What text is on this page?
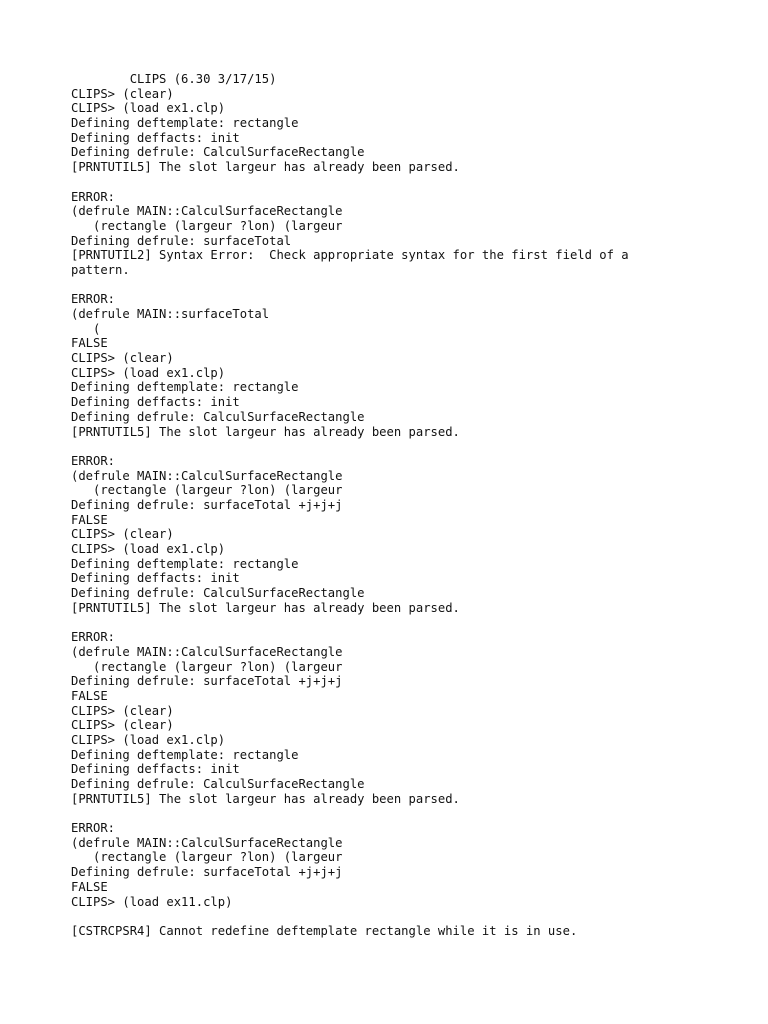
CLIPS (6.30 3/17/15)
CLIPS> (clear)
CLIPS> (load ex1.clp)
Defining deftemplate: rectangle
Defining deffacts: init
Defining defrule: CalculSurfaceRectangle
[PRNTUTIL5] The slot largeur has already been parsed.
ERROR:
(defrule MAIN::CalculSurfaceRectangle
(rectangle (largeur ?lon) (largeur
Defining defrule: surfaceTotal
[PRNTUTIL2] Syntax Error:  Check appropriate syntax for the first field of a
pattern.
ERROR:
(defrule MAIN::surfaceTotal
(
FALSE
CLIPS> (clear)
CLIPS> (load ex1.clp)
Defining deftemplate: rectangle
Defining deffacts: init
Defining defrule: CalculSurfaceRectangle
[PRNTUTIL5] The slot largeur has already been parsed.
ERROR:
(defrule MAIN::CalculSurfaceRectangle
(rectangle (largeur ?lon) (largeur
Defining defrule: surfaceTotal +j+j+j
FALSE
CLIPS> (clear)
CLIPS> (load ex1.clp)
Defining deftemplate: rectangle
Defining deffacts: init
Defining defrule: CalculSurfaceRectangle
[PRNTUTIL5] The slot largeur has already been parsed.
ERROR:
(defrule MAIN::CalculSurfaceRectangle
(rectangle (largeur ?lon) (largeur
Defining defrule: surfaceTotal +j+j+j
FALSE
CLIPS> (clear)
CLIPS> (clear)
CLIPS> (load ex1.clp)
Defining deftemplate: rectangle
Defining deffacts: init
Defining defrule: CalculSurfaceRectangle
[PRNTUTIL5] The slot largeur has already been parsed.
ERROR:
(defrule MAIN::CalculSurfaceRectangle
(rectangle (largeur ?lon) (largeur
Defining defrule: surfaceTotal +j+j+j
FALSE
CLIPS> (load ex11.clp)
[CSTRCPSR4] Cannot redefine deftemplate rectangle while it is in use.
